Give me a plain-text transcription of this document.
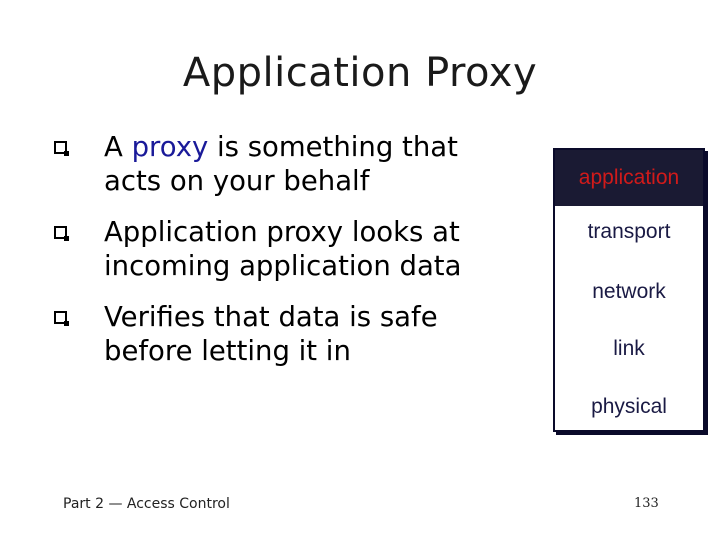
Application Proxy
A proxy is something that acts on your behalf
Application proxy looks at incoming application data
Verifies that data is safe before letting it in
application
transport
network
link
physical
Part 2 — Access Control	133
